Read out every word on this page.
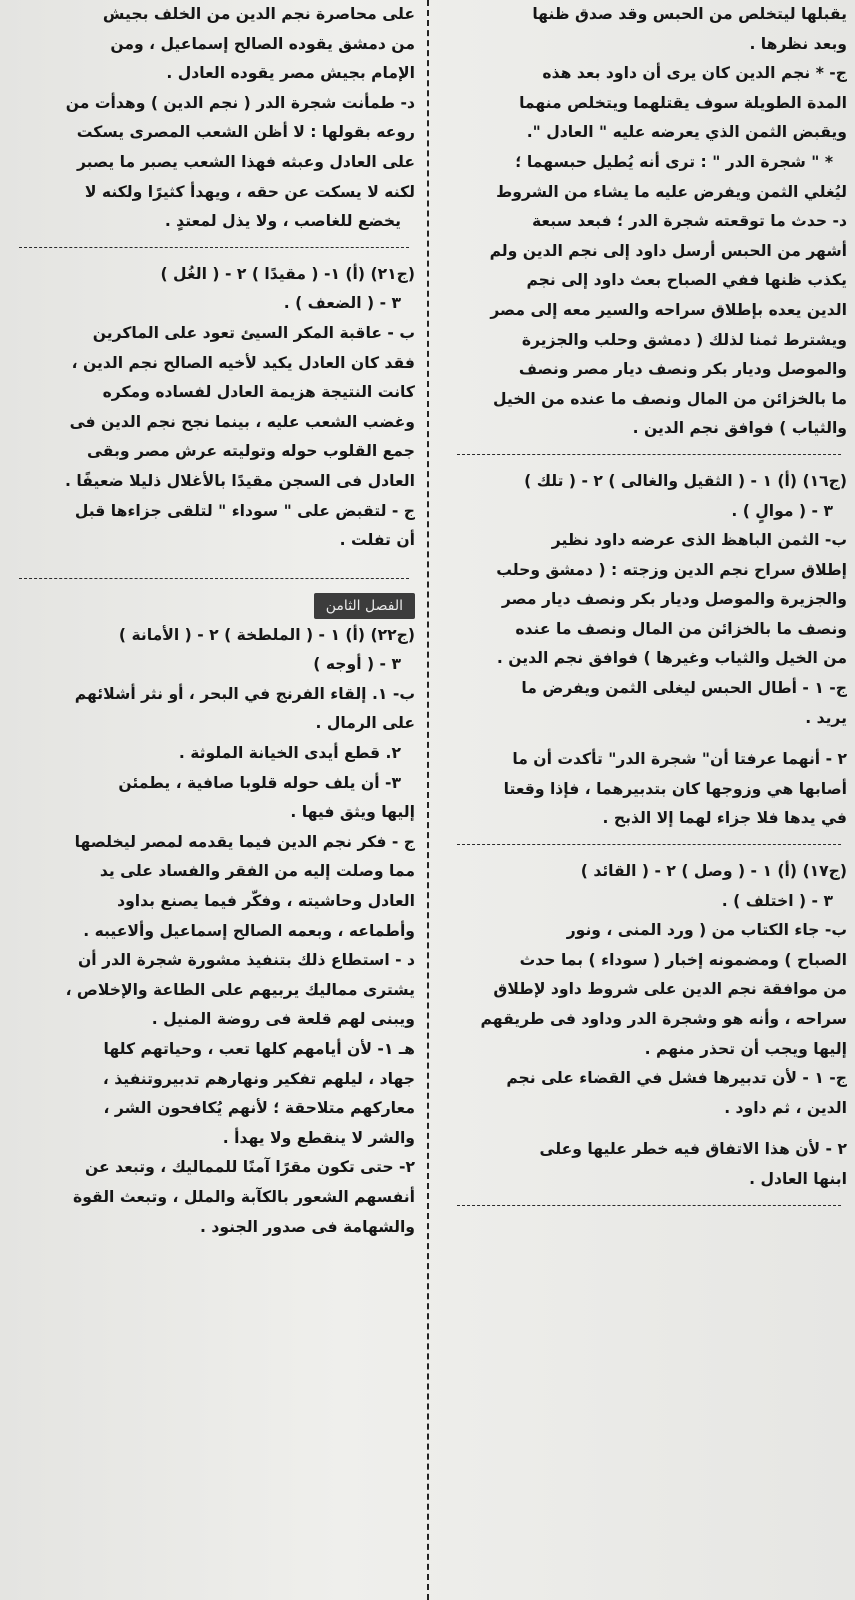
يقبلها ليتخلص من الحبس وقد صدق ظنها

وبعد نظرها .

ج- * نجم الدين كان يرى أن داود بعد هذه

المدة الطويلة سوف يقتلهما ويتخلص منهما

ويقبض الثمن الذي يعرضه عليه " العادل ".

* " شجرة الدر " : ترى أنه يُطيل حبسهما ؛

ليُغلي الثمن ويفرض عليه ما يشاء من الشروط

د- حدث ما توقعته شجرة الدر ؛ فبعد سبعة

أشهر من الحبس أرسل داود إلى نجم الدين ولم

يكذب ظنها ففي الصباح بعث داود إلى نجم

الدين يعده بإطلاق سراحه والسير معه إلى مصر

ويشترط ثمنا لذلك ( دمشق وحلب والجزيرة

والموصل وديار بكر ونصف ديار مصر ونصف

ما بالخزائن من المال ونصف ما عنده من الخيل

والثياب ) فوافق نجم الدين .

(ج١٦) (أ) ١ - ( الثقيل والغالى ) ٢ - ( تلك )

٣ - ( موالٍ ) .

ب- الثمن الباهظ الذى عرضه داود نظير

إطلاق سراح نجم الدين وزجته : ( دمشق وحلب

والجزيرة والموصل وديار بكر ونصف ديار مصر

ونصف ما بالخزائن من المال ونصف ما عنده

من الخيل والثياب وغيرها ) فوافق نجم الدين .

ج- ١ - أطال الحبس ليغلى الثمن ويفرض ما

يريد .

٢ - أنهما عرفتا أن" شجرة الدر" تأكدت أن ما

أصابها هي وزوجها كان بتدبيرهما ، فإذا وقعتا

في يدها فلا جزاء لهما إلا الذبح .

(ج١٧) (أ) ١ - ( وصل ) ٢ - ( القائد )

٣ - ( اختلف ) .

ب- جاء الكتاب من ( ورد المنى ، ونور

الصباح ) ومضمونه إخبار ( سوداء ) بما حدث

من موافقة نجم الدين على شروط داود لإطلاق

سراحه ، وأنه هو وشجرة الدر وداود فى طريقهم

إليها ويجب أن تحذر منهم .

ج- ١ - لأن تدبيرها فشل في القضاء على نجم

الدين ، ثم داود .

٢ - لأن هذا الاتفاق فيه خطر عليها وعلى

ابنها العادل .

على محاصرة نجم الدين من الخلف بجيش

من دمشق يقوده الصالح إسماعيل ، ومن

الإمام بجيش مصر يقوده العادل .

د- طمأنت شجرة الدر ( نجم الدين ) وهدأت من

روعه بقولها : لا أظن الشعب المصرى يسكت

على العادل وعبثه فهذا الشعب يصبر ما يصبر

لكنه لا يسكت عن حقه ، ويهدأ كثيرًا ولكنه لا

يخضع للغاصب ، ولا يذل لمعتدٍ .

(ج٢١) (أ) ١- ( مقيدًا ) ٢ - ( الغُل )

٣ - ( الضعف ) .

ب - عاقبة المكر السيئ تعود على الماكرين

فقد كان العادل يكيد لأخيه الصالح نجم الدين ،

كانت النتيجة هزيمة العادل لفساده ومكره

وغضب الشعب عليه ، بينما نجح نجم الدين فى

جمع القلوب حوله وتوليته عرش مصر وبقى

العادل فى السجن مقيدًا بالأغلال ذليلا ضعيفًا .

ج - لتقبض على " سوداء " لتلقى جزاءها قبل

أن تفلت .

الفصل الثامن

(ج٢٢) (أ) ١ - ( الملطخة ) ٢ - ( الأمانة )

٣ - ( أوجه )

ب- ١. إلقاء الفرنج في البحر ، أو نثر أشلائهم

على الرمال .

٢. قطع أيدى الخيانة الملوثة .

٣- أن يلف حوله قلوبا صافية ، يطمئن

إليها ويثق فيها .

ج - فكر نجم الدين فيما يقدمه لمصر ليخلصها

مما وصلت إليه من الفقر والفساد على يد

العادل وحاشيته ، وفكّر فيما يصنع بداود

وأطماعه ، وبعمه الصالح إسماعيل وألاعيبه .

د - استطاع ذلك بتنفيذ مشورة شجرة الدر أن

يشترى مماليك يربيهم على الطاعة والإخلاص ،

ويبنى لهم قلعة فى روضة المنيل .

هـ ١- لأن أيامهم كلها تعب ، وحياتهم كلها

جهاد ، ليلهم تفكير ونهارهم تدبيروتنفيذ ،

معاركهم متلاحقة ؛ لأنهم يُكافحون الشر ،

والشر لا ينقطع ولا يهدأ .

٢- حتى تكون مقرًا آمنًا للمماليك ، وتبعد عن

أنفسهم الشعور بالكآبة والملل ، وتبعث القوة

والشهامة فى صدور الجنود .
